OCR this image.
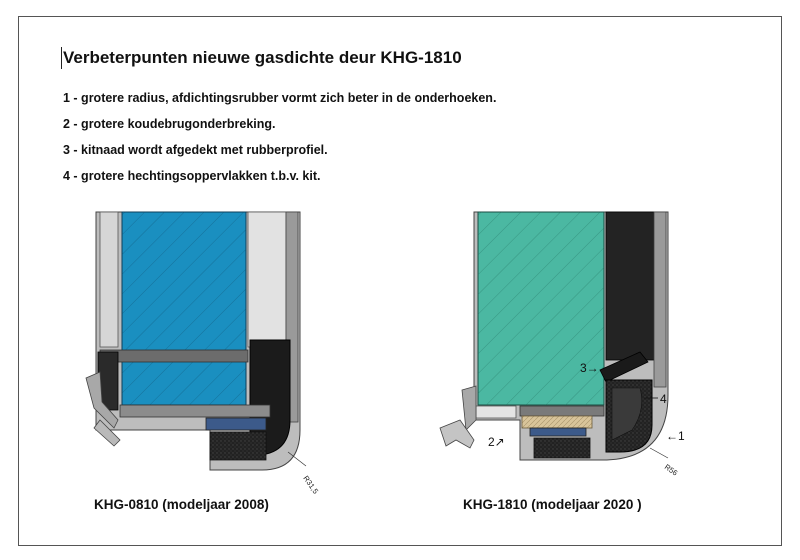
Verbeterpunten nieuwe gasdichte deur KHG-1810
1 - grotere radius, afdichtingsrubber vormt zich beter in de onderhoeken.
2 - grotere koudebrugonderbreking.
3 - kitnaad wordt afgedekt met rubberprofiel.
4 - grotere hechtingsoppervlakken t.b.v. kit.
R31,5
R56
3→
4
←1
2↗
KHG-0810 (modeljaar 2008)	KHG-1810 (modeljaar 2020 )
